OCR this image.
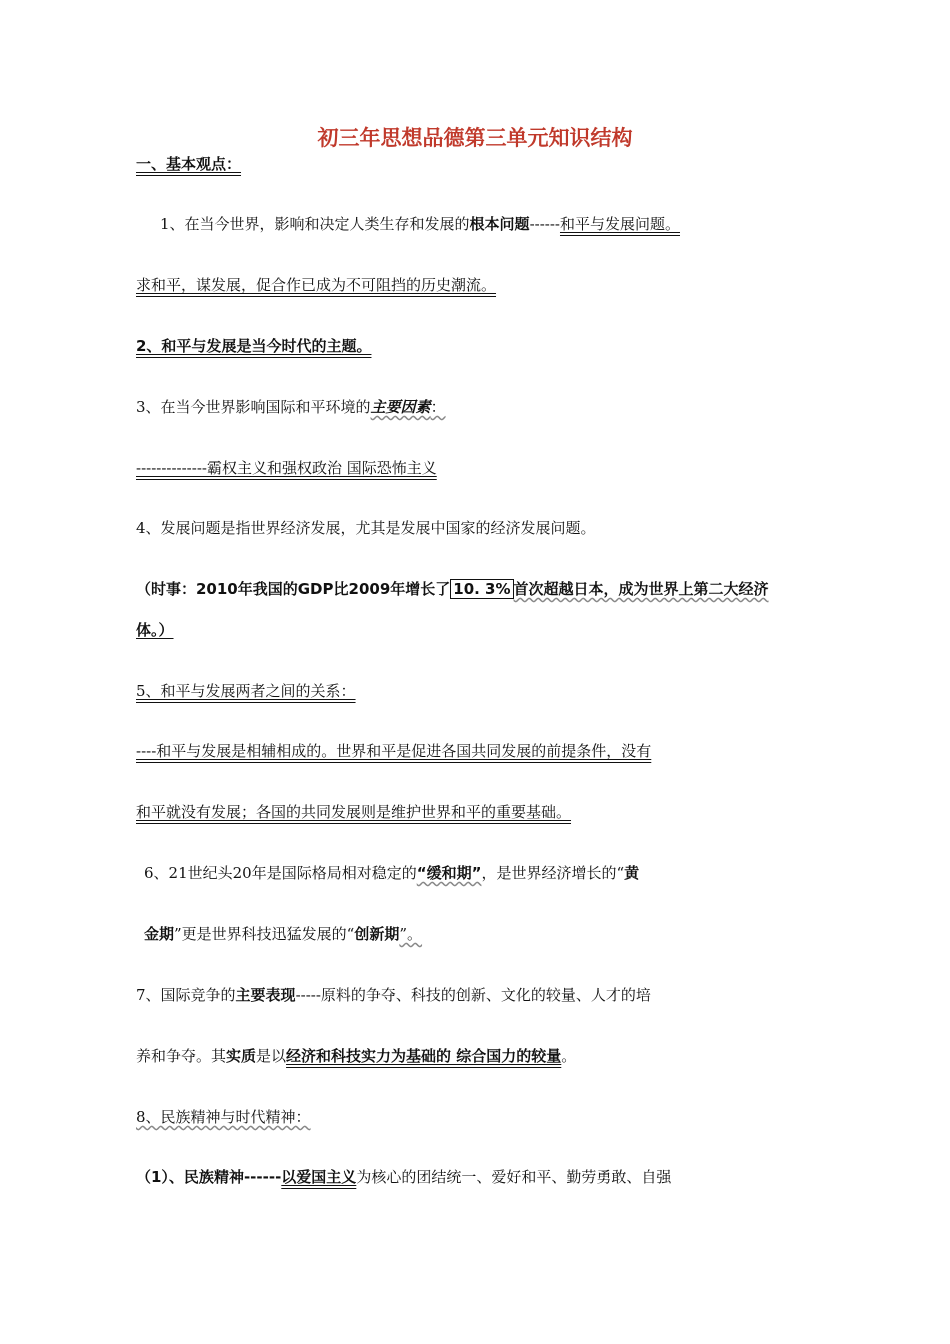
初三年思想品德第三单元知识结构
一、基本观点：
1、在当今世界，影响和决定人类生存和发展的根本问题------和平与发展问题。
求和平，谋发展，促合作已成为不可阻挡的历史潮流。
2、和平与发展是当今时代的主题。
3、在当今世界影响国际和平环境的主要因素：
--------------霸权主义和强权政治 国际恐怖主义
4、发展问题是指世界经济发展，尤其是发展中国家的经济发展问题。
（时事：2010年我国的GDP比2009年增长了 10. 3% 首次超越日本，成为世界上第二大经济
体。）
5、和平与发展两者之间的关系：
----和平与发展是相辅相成的。世界和平是促进各国共同发展的前提条件，没有
和平就没有发展；各国的共同发展则是维护世界和平的重要基础。
6、21世纪头20年是国际格局相对稳定的“缓和期”，是世界经济增长的“黄
金期”更是世界科技迅猛发展的“创新期”。
7、国际竞争的主要表现-----原料的争夺、科技的创新、文化的较量、人才的培
养和争夺。其实质是以经济和科技实力为基础的 综合国力的较量。
8、民族精神与时代精神：
（1）、民族精神------以爱国主义为核心的团结统一、爱好和平、勤劳勇敢、自强
